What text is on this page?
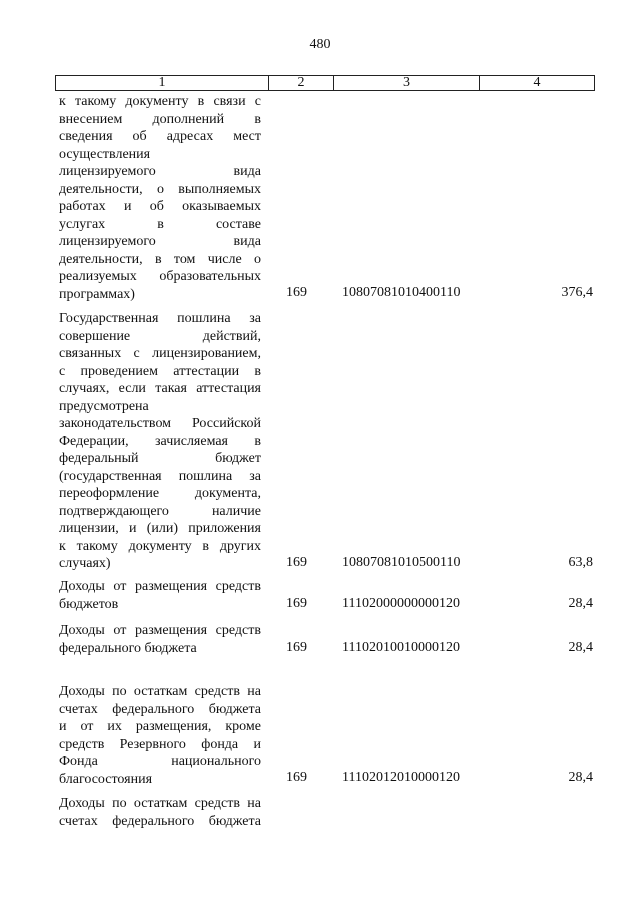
480
1	2	3	4
к такому документу в связи с
внесением дополнений в
сведения об адресах мест
осуществления
лицензируемого вида
деятельности, о выполняемых
работах и об оказываемых
услугах в составе
лицензируемого вида
деятельности, в том числе о
реализуемых образовательных
программах)	169	10807081010400110	376,4
Государственная пошлина за
совершение действий,
связанных с лицензированием,
с проведением аттестации в
случаях, если такая аттестация
предусмотрена
законодательством Российской
Федерации, зачисляемая в
федеральный бюджет
(государственная пошлина за
переоформление документа,
подтверждающего наличие
лицензии, и (или) приложения
к такому документу в других
случаях)	169	10807081010500110	63,8
Доходы от размещения средств
бюджетов	169	11102000000000120	28,4
Доходы от размещения средств
федерального бюджета	169	11102010010000120	28,4
Доходы по остаткам средств на
счетах федерального бюджета
и от их размещения, кроме
средств Резервного фонда и
Фонда национального
благосостояния	169	11102012010000120	28,4
Доходы по остаткам средств на
счетах федерального бюджета
